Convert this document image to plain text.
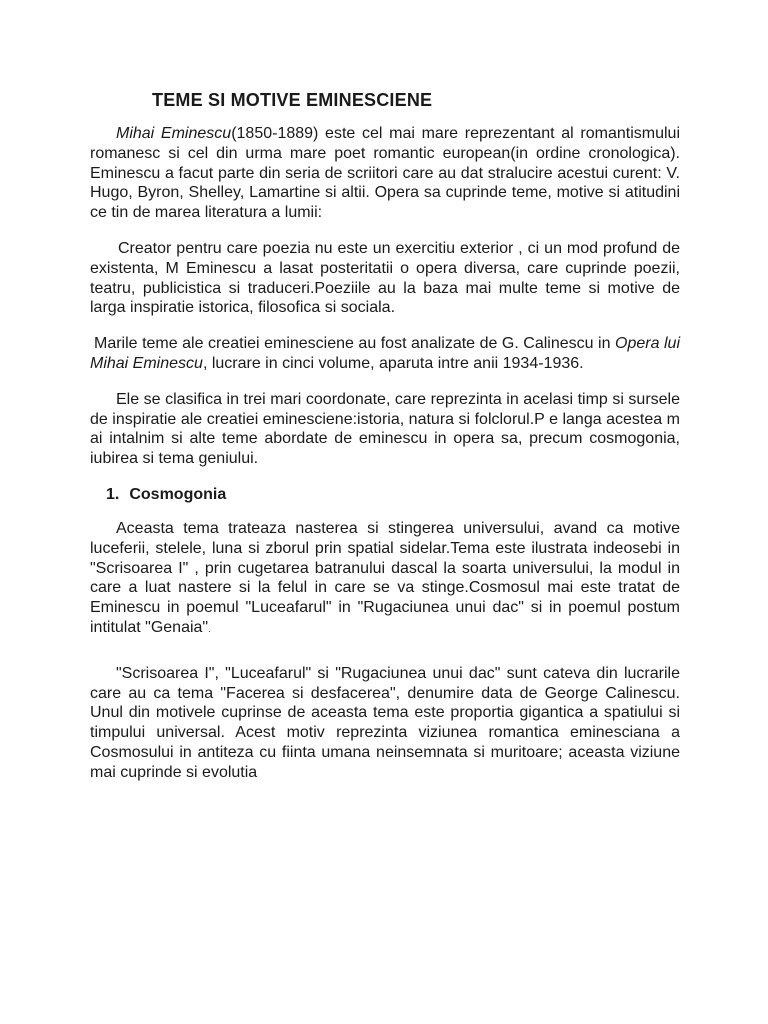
TEME SI MOTIVE EMINESCIENE

Mihai Eminescu(1850-1889) este cel mai mare reprezentant al romantismului romanesc si cel din urma mare poet romantic european(in ordine cronologica). Eminescu a facut parte din seria de scriitori care au dat stralucire acestui curent: V. Hugo, Byron, Shelley, Lamartine si altii. Opera sa cuprinde teme, motive si atitudini ce tin de marea literatura a lumii:

Creator pentru care poezia nu este un exercitiu exterior , ci un mod profund de existenta, M Eminescu a lasat posteritatii o opera diversa, care cuprinde poezii, teatru, publicistica si traduceri.Poeziile au la baza mai multe teme si motive de larga inspiratie istorica, filosofica si sociala.

Marile teme ale creatiei eminesciene au fost analizate de G. Calinescu in Opera lui Mihai Eminescu, lucrare in cinci volume, aparuta intre anii 1934-1936.

Ele se clasifica in trei mari coordonate, care reprezinta in acelasi timp si sursele de inspiratie ale creatiei eminesciene:istoria, natura si folclorul.P e langa acestea m ai intalnim si alte teme abordate de eminescu in opera sa, precum cosmogonia, iubirea si tema geniului.

1. Cosmogonia

Aceasta tema trateaza nasterea si stingerea universului, avand ca motive luceferii, stelele, luna si zborul prin spatial sidelar.Tema este ilustrata indeosebi in "Scrisoarea I" , prin cugetarea batranului dascal la soarta universului, la modul in care a luat nastere si la felul in care se va stinge.Cosmosul mai este tratat de Eminescu in poemul "Luceafarul" in "Rugaciunea unui dac" si in poemul postum intitulat "Genaia".

"Scrisoarea I", "Luceafarul" si "Rugaciunea unui dac" sunt cateva din lucrarile care au ca tema "Facerea si desfacerea", denumire data de George Calinescu. Unul din motivele cuprinse de aceasta tema este proportia gigantica a spatiului si timpului universal. Acest motiv reprezinta viziunea romantica eminesciana a Cosmosului in antiteza cu fiinta umana neinsemnata si muritoare; aceasta viziune mai cuprinde si evolutia
